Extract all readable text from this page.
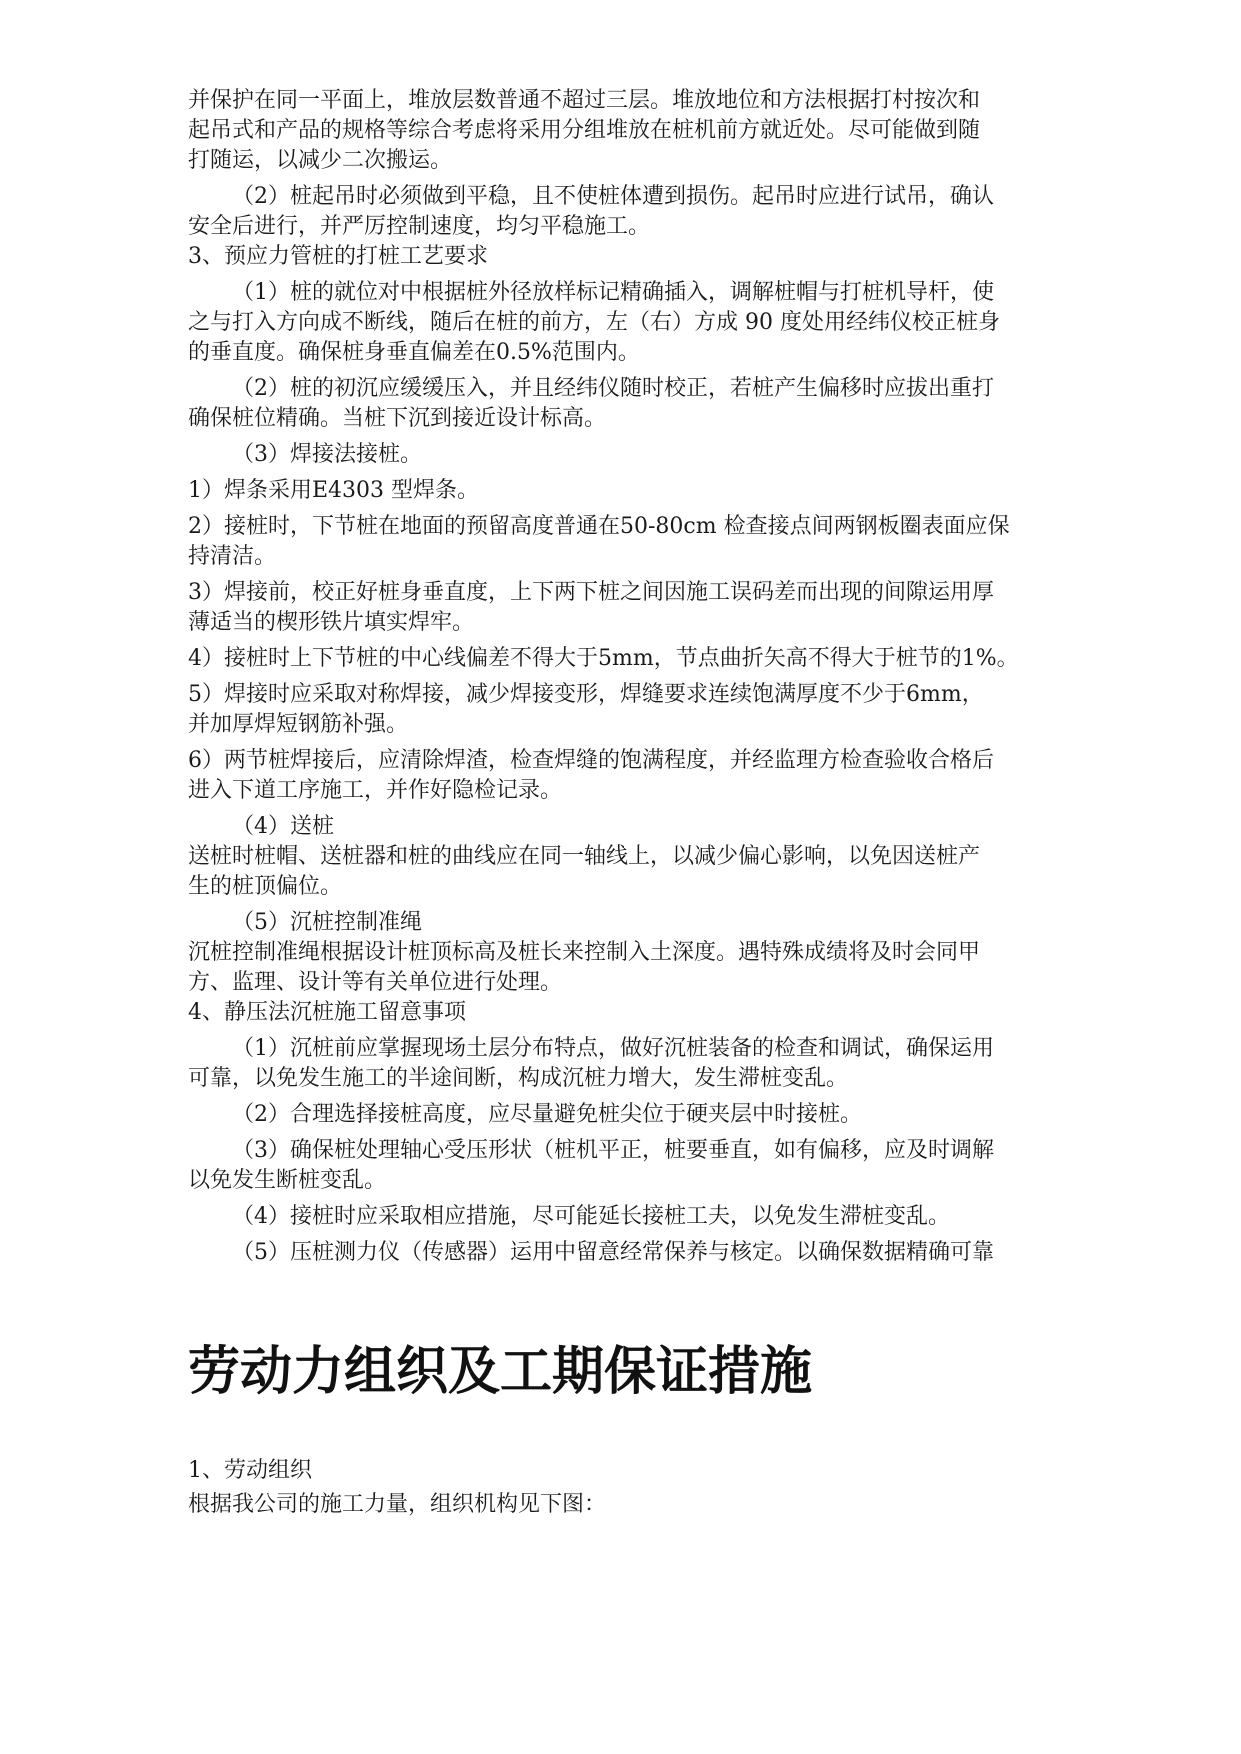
并保护在同一平面上，堆放层数普通不超过三层。堆放地位和方法根据打村按次和
起吊式和产品的规格等综合考虑将采用分组堆放在桩机前方就近处。尽可能做到随
打随运，以减少二次搬运。
（2）桩起吊时必须做到平稳，且不使桩体遭到损伤。起吊时应进行试吊，确认
安全后进行，并严厉控制速度，均匀平稳施工。
3、预应力管桩的打桩工艺要求
（1）桩的就位对中根据桩外径放样标记精确插入，调解桩帽与打桩机导杆，使
之与打入方向成不断线，随后在桩的前方，左（右）方成 90 度处用经纬仪校正桩身
的垂直度。确保桩身垂直偏差在0.5%范围内。
（2）桩的初沉应缓缓压入，并且经纬仪随时校正，若桩产生偏移时应拔出重打
确保桩位精确。当桩下沉到接近设计标高。
（3）焊接法接桩。
1）焊条采用E4303 型焊条。
2）接桩时，下节桩在地面的预留高度普通在50-80cm 检查接点间两钢板圈表面应保
持清洁。
3）焊接前，校正好桩身垂直度，上下两下桩之间因施工误码差而出现的间隙运用厚
薄适当的楔形铁片填实焊牢。
4）接桩时上下节桩的中心线偏差不得大于5mm，节点曲折矢高不得大于桩节的1%。
5）焊接时应采取对称焊接，减少焊接变形，焊缝要求连续饱满厚度不少于6mm，
并加厚焊短钢筋补强。
6）两节桩焊接后，应清除焊渣，检查焊缝的饱满程度，并经监理方检查验收合格后
进入下道工序施工，并作好隐检记录。
（4）送桩
送桩时桩帽、送桩器和桩的曲线应在同一轴线上，以减少偏心影响，以免因送桩产
生的桩顶偏位。
（5）沉桩控制准绳
沉桩控制准绳根据设计桩顶标高及桩长来控制入土深度。遇特殊成绩将及时会同甲
方、监理、设计等有关单位进行处理。
4、静压法沉桩施工留意事项
（1）沉桩前应掌握现场土层分布特点，做好沉桩装备的检查和调试，确保运用
可靠，以免发生施工的半途间断，构成沉桩力增大，发生滞桩变乱。
（2）合理选择接桩高度，应尽量避免桩尖位于硬夹层中时接桩。
（3）确保桩处理轴心受压形状（桩机平正，桩要垂直，如有偏移，应及时调解
以免发生断桩变乱。
（4）接桩时应采取相应措施，尽可能延长接桩工夫，以免发生滞桩变乱。
（5）压桩测力仪（传感器）运用中留意经常保养与核定。以确保数据精确可靠
劳动力组织及工期保证措施
1、劳动组织
根据我公司的施工力量，组织机构见下图：
